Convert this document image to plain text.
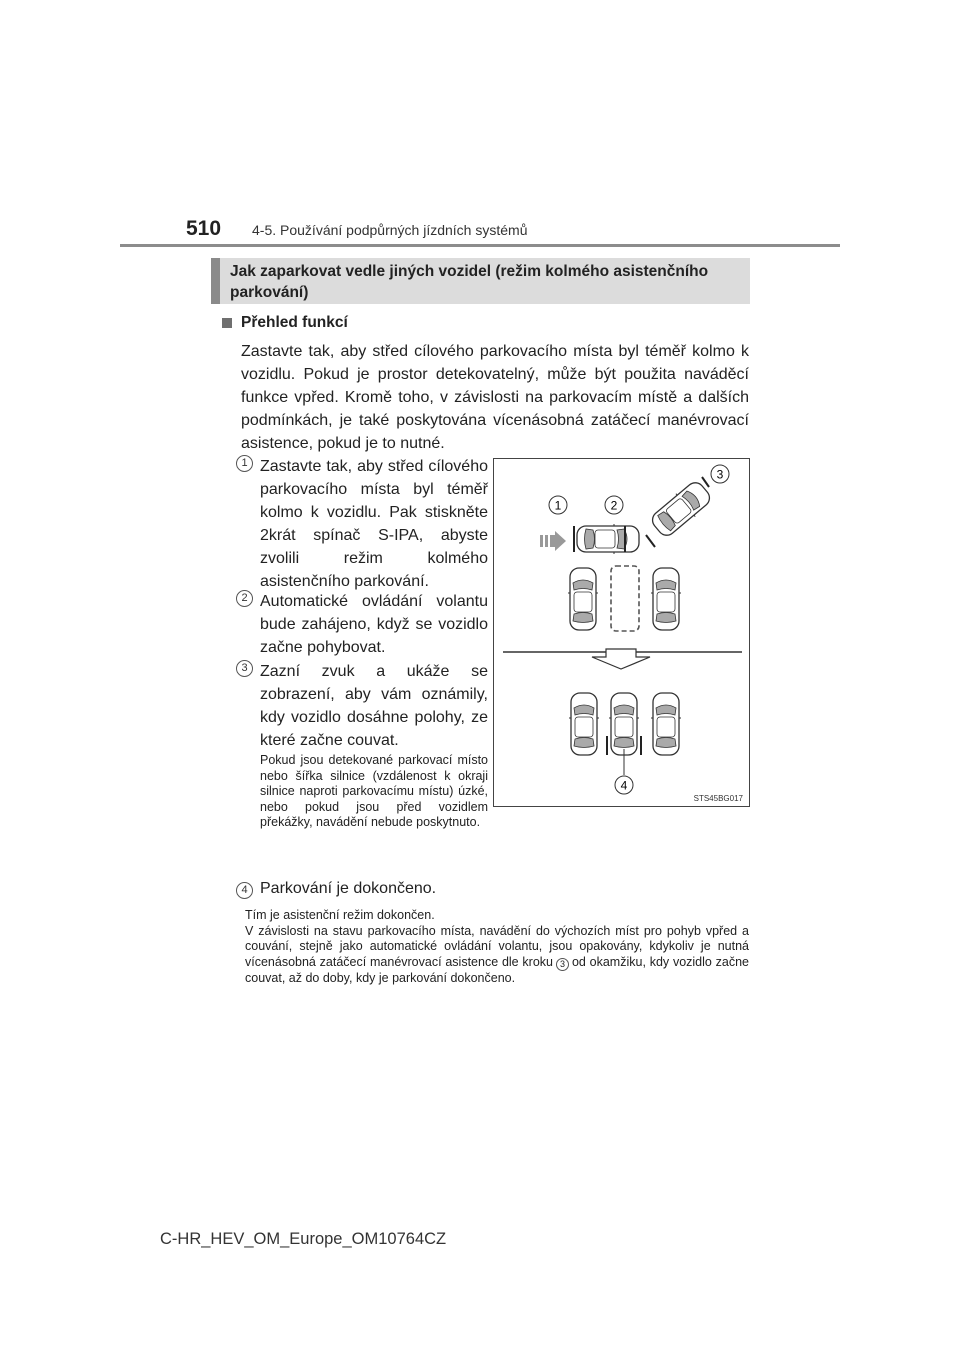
510 4-5. Používání podpůrných jízdních systémů
Jak zaparkovat vedle jiných vozidel (režim kolmého asistenčního parkování)
Přehled funkcí
Zastavte tak, aby střed cílového parkovacího místa byl téměř kolmo k vozidlu. Pokud je prostor detekovatelný, může být použita naváděcí funkce vpřed. Kromě toho, v závislosti na parkovacím místě a dalších podmínkách, je také poskytována vícenásobná zatáčecí manévrovací asistence, pokud je to nutné.
1 Zastavte tak, aby střed cílového parkovacího místa byl téměř kolmo k vozidlu. Pak stiskněte 2krát spínač S-IPA, abyste zvolili režim kolmého asistenčního parkování.
2 Automatické ovládání volantu bude zahájeno, když se vozidlo začne pohybovat.
3 Zazní zvuk a ukáže se zobrazení, aby vám oznámily, kdy vozidlo dosáhne polohy, ze které začne couvat.
Pokud jsou detekované parkovací místo nebo šířka silnice (vzdálenost k okraji silnice naproti parkovacímu místu) úzké, nebo pokud jsou před vozidlem překážky, navádění nebude poskytnuto.
4 Parkování je dokončeno.
Tím je asistenční režim dokončen.
V závislosti na stavu parkovacího místa, navádění do výchozích míst pro pohyb vpřed a couvání, stejně jako automatické ovládání volantu, jsou opakovány, kdykoliv je nutná vícenásobná zatáčecí manévrovací asistence dle kroku 3 od okamžiku, kdy vozidlo začne couvat, až do doby, kdy je parkování dokončeno.
1	2
3
4
STS45BG017
C-HR_HEV_OM_Europe_OM10764CZ
